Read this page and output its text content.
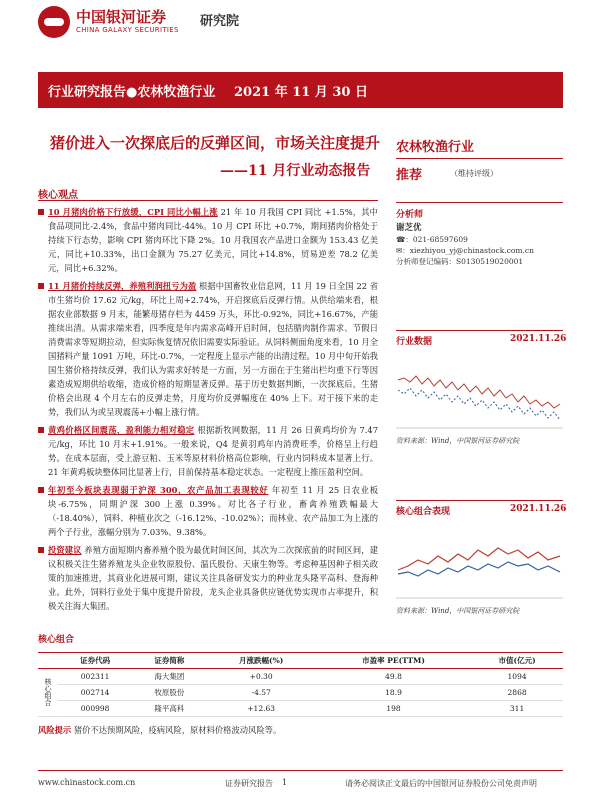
中国银河证券
CHINA GALAXY SECURITIES
研究院
行业研究报告●农林牧渔行业 2021 年 11 月 30 日
猪价进入一次探底后的反弹区间，市场关注度提升
——11 月行业动态报告
核心观点
10 月猪肉价格下行放缓，CPI 同比小幅上涨 21 年 10 月我国 CPI 同比 +1.5%，其中食品项同比-2.4%，食品中猪肉同比-44%。10 月 CPI 环比 +0.7%，期间猪肉价格处于持续下行态势，影响 CPI 猪肉环比下降 2%。10 月我国农产品进口金额为 153.43 亿美元，同比+10.33%，出口金额为 75.27 亿美元，同比+14.8%，贸易逆差 78.2 亿美元，同比+6.32%。
11 月猪价持续反弹，养殖利润扭亏为盈 根据中国畜牧业信息网，11 月 19 日全国 22 省市生猪均价 17.62 元/kg，环比上周+2.74%，开启探底后反弹行情。从供给端来看，根据农业部数据 9 月末，能繁母猪存栏为 4459 万头，环比-0.92%，同比+16.67%，产能推续出清。从需求端来看，四季度是年内需求高峰开启时间，包括腊肉制作需求、节假日消费需求等短期拉动，但实际恢复情况依旧需要实际验证。从饲料侧面角度来看，10 月全国猪料产量 1091 万吨，环比-0.7%，一定程度上显示产能的出清过程。10 月中旬开始我国生猪价格持续反弹，我们认为需求好转是一方面，另一方面在于生猪出栏均重下行等因素造成短期供给收缩，造成价格的短期显著反弹。基于历史数据判断，一次探底后，生猪价格会出现 4 个月左右的反弹走势，月度均价反弹幅度在 40% 上下。对于接下来的走势，我们认为或呈现震荡+小幅上涨行情。
黄鸡价格区间震荡，盈利能力相对稳定 根据新牧网数据，11 月 26 日黄鸡均价为 7.47 元/kg，环比 10 月末+1.91%。一般来说，Q4 是黄羽鸡年内消费旺季，价格呈上行趋势。在成本层面，受上游豆粕、玉米等原材料价格高位影响，行业内饲料成本显著上行。21 年黄鸡板块整体同比显著上行，目前保持基本稳定状态。一定程度上推压盈利空间。
年初至今板块表现弱于沪深 300，农产品加工表现较好 年初至 11 月 25 日农业板块-6.75%，同期沪深 300 上涨 0.39%。对比各子行业，畜禽养殖跌幅最大（-18.40%），饲料、种植业次之（-16.12%、-10.02%）；而林业、农产品加工为上涨的两个子行业，涨幅分别为 7.03%、9.38%。
投资建议 养殖方面短期内畜养殖个股为最优时间区间，其次为二次探底前的时间区间，建议积极关注生猪养殖龙头企业牧原股份、温氏股份、天康生物等。考虑种基因种子相关政策的加速推进，其商业化进展可期，建议关注具备研发实力的种业龙头隆平高科、登海种业。此外，饲料行业处于集中度提升阶段，龙头企业具备供应链优势实现市占率提升，积极关注海大集团。
农林牧渔行业
推荐	（维持评级）
分析师
谢芝优
☎：021-68597609
✉：xiezhiyou_yj@chinastock.com.cn
分析师登记编码：S0130519020001
行业数据	2021.11.26
资料来源：Wind，中国银河证券研究院
核心组合表现	2021.11.26
资料来源：Wind，中国银河证券研究院
核心组合
	证券代码	证券简称	月涨跌幅(%)	市盈率 PE(TTM)	市值(亿元)
核心组合	002311	海大集团	+0.30	49.8	1094
	002714	牧原股份	-4.57	18.9	2868
	000998	隆平高科	+12.63	198	311
风险提示 猪价不达预期风险，疫病风险，原材料价格波动风险等。
www.chinastock.com.cn	证券研究报告 1	请务必阅读正文最后的中国银河证券股份公司免责声明
